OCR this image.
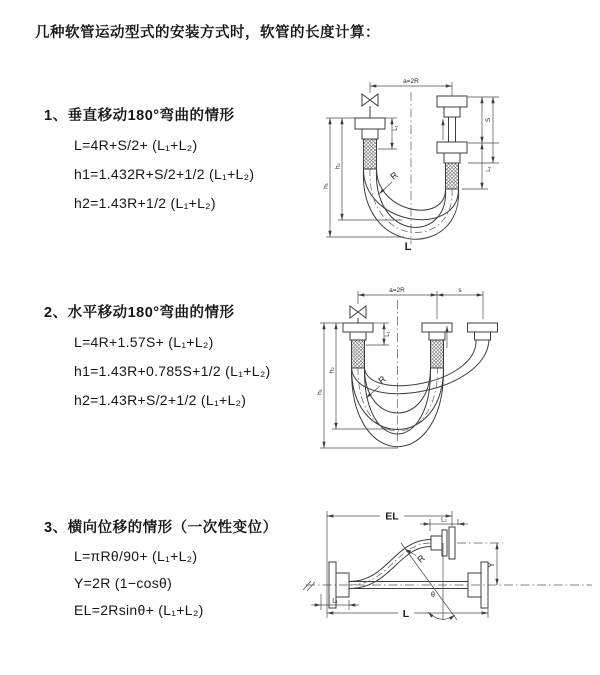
几种软管运动型式的安装方式时，软管的长度计算：
1、垂直移动180°弯曲的情形
L=4R+S/2+ (L₁+L₂)
h1=1.432R+S/2+1/2 (L₁+L₂)
h2=1.43R+1/2 (L₁+L₂)
2、水平移动180°弯曲的情形
L=4R+1.57S+ (L₁+L₂)
h1=1.43R+0.785S+1/2 (L₁+L₂)
h2=1.43R+S/2+1/2 (L₁+L₂)
3、横向位移的情形（一次性变位）
L=πRθ/90+ (L₁+L₂)
Y=2R (1−cosθ)
EL=2Rsinθ+ (L₁+L₂)
a=2R
L₁
S
L₁
h₂
h₁
R
L
a=2R	s
L₁
h₂
h₁
R
EL	L₂
Y
L
L₁
R
θ
